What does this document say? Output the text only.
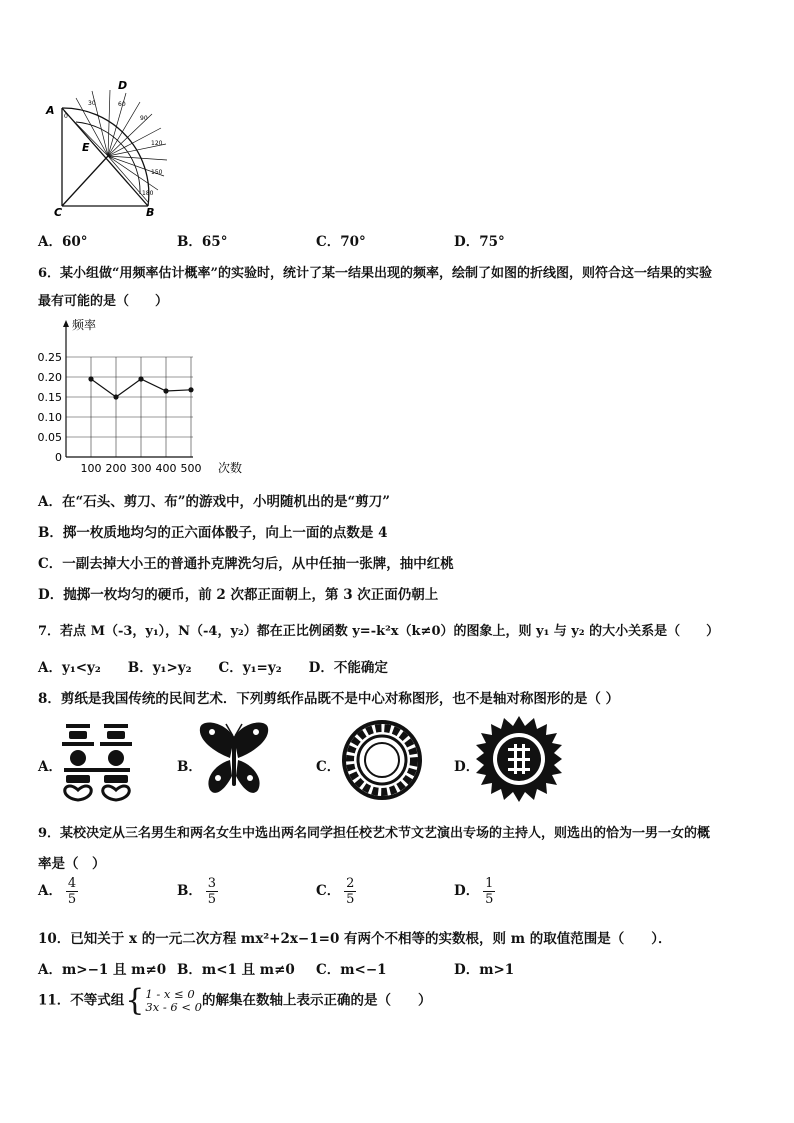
A
D
E
C	B
0
30	60
90
120
150
180
A．60°	B．65°	C．70°	D．75°
6．某小组做“用频率估计概率”的实验时，统计了某一结果出现的频率，绘制了如图的折线图，则符合这一结果的实验
最有可能的是（　　）
0
0.05
0.10
0.15
0.20
0.25
100 200 300 400 500
频率
次数
A．在“石头、剪刀、布”的游戏中，小明随机出的是“剪刀”
B．掷一枚质地均匀的正六面体骰子，向上一面的点数是 4
C．一副去掉大小王的普通扑克牌洗匀后，从中任抽一张牌，抽中红桃
D．抛掷一枚均匀的硬币，前 2 次都正面朝上，第 3 次正面仍朝上
7．若点 M（-3，y₁），N（-4，y₂）都在正比例函数 y=-k²x（k≠0）的图象上，则 y₁ 与 y₂ 的大小关系是（　　）
A．y₁<y₂　　B．y₁>y₂　　C．y₁=y₂　　D．不能确定
8．剪纸是我国传统的民间艺术．下列剪纸作品既不是中心对称图形，也不是轴对称图形的是（ ）
A．	B．	C．	D．
9．某校决定从三名男生和两名女生中选出两名同学担任校艺术节文艺演出专场的主持人，则选出的恰为一男一女的概
率是（　）
A． $\frac{4}{5}$	B． $\frac{3}{5}$	C． $\frac{2}{5}$	D． $\frac{1}{5}$
10．已知关于 x 的一元二次方程 mx²+2x−1=0 有两个不相等的实数根，则 m 的取值范围是（　　）．
A．m>−1 且 m≠0 B．m<1 且 m≠0 C．m<−1	D．m>1
11．不等式组 { 1 - x ≤ 0
3x - 6 < 0 的解集在数轴上表示正确的是（　　）
